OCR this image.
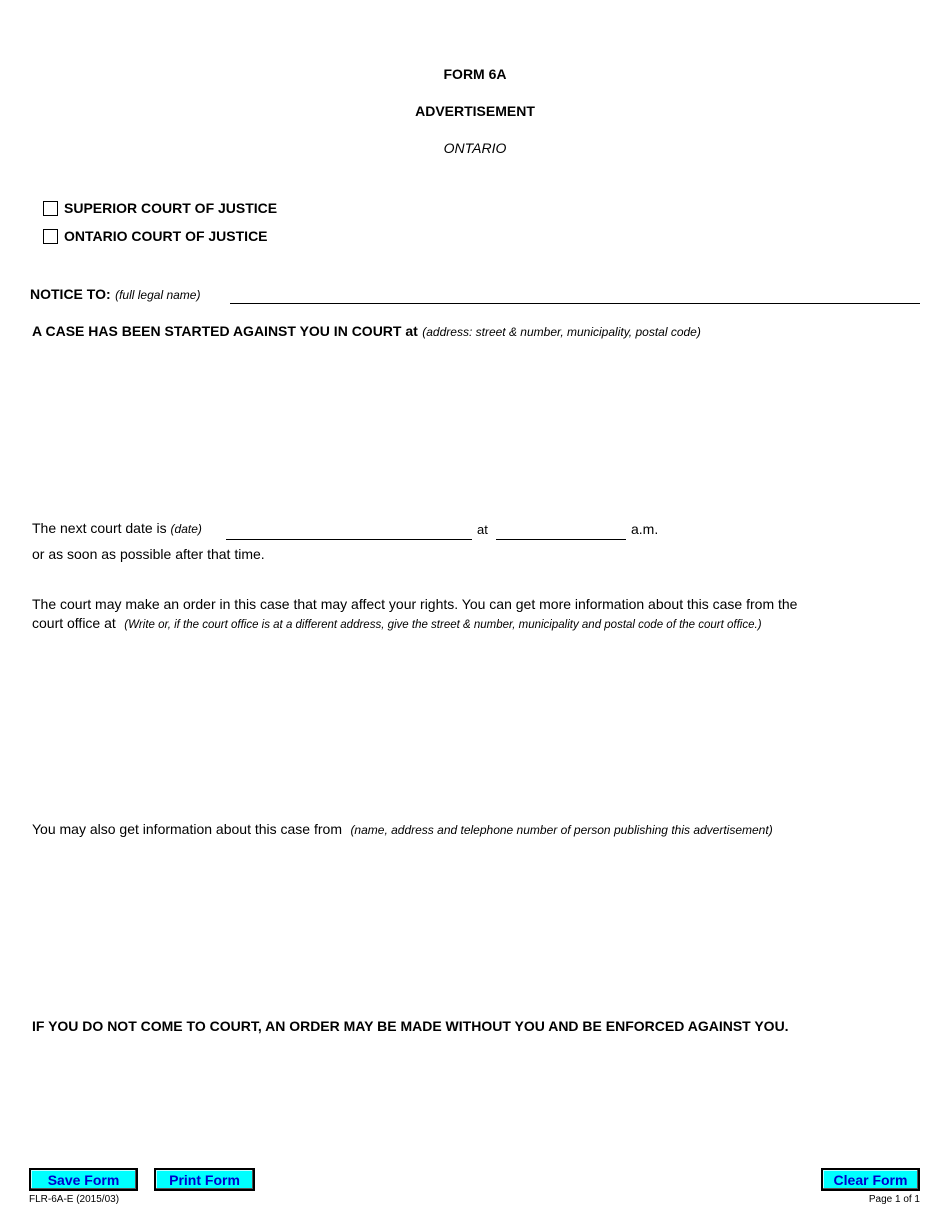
FORM 6A
ADVERTISEMENT
ONTARIO
SUPERIOR COURT OF JUSTICE
ONTARIO COURT OF JUSTICE
NOTICE TO: (full legal name)
A CASE HAS BEEN STARTED AGAINST YOU IN COURT at (address: street & number, municipality, postal code)
The next court date is (date)	at	a.m.
or as soon as possible after that time.
The court may make an order in this case that may affect your rights. You can get more information about this case from the
court office at (Write or, if the court office is at a different address, give the street & number, municipality and postal code of the court office.)
You may also get information about this case from (name, address and telephone number of person publishing this advertisement)
IF YOU DO NOT COME TO COURT, AN ORDER MAY BE MADE WITHOUT YOU AND BE ENFORCED AGAINST YOU.
Save Form	Print Form	Clear Form
FLR-6A-E (2015/03)	Page 1 of 1
